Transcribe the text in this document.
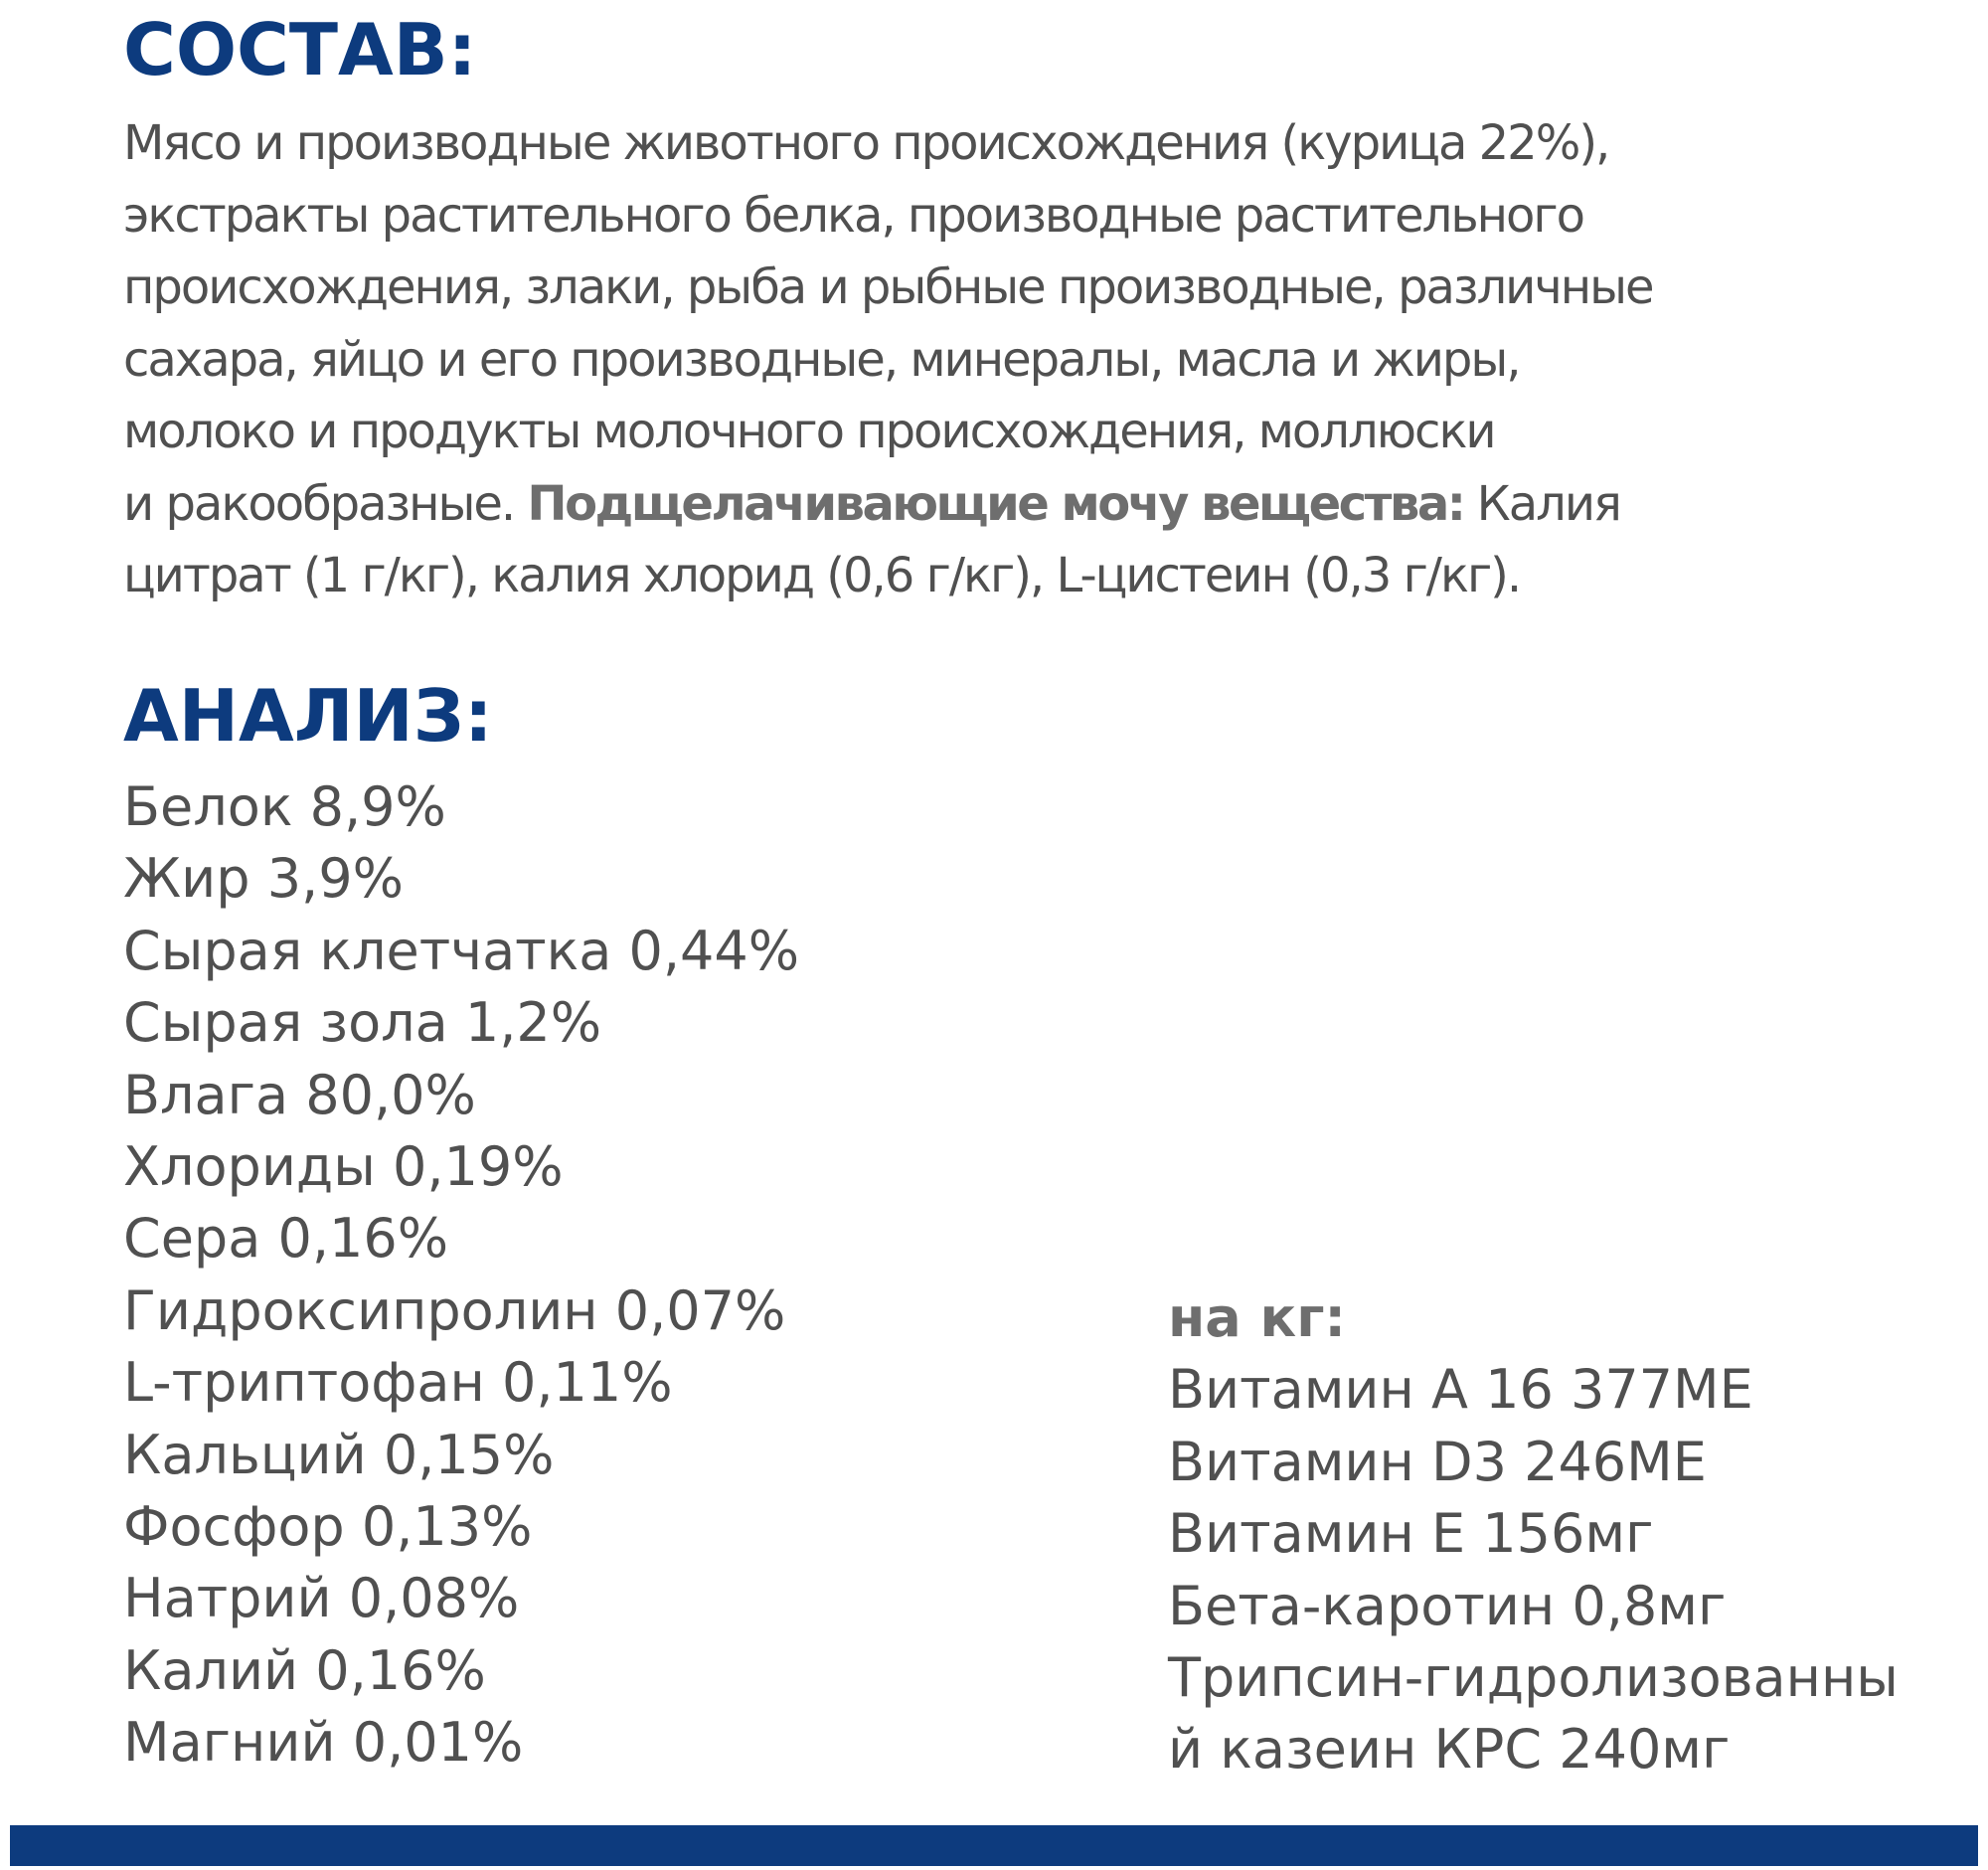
СОСТАВ:
Мясо и производные животного происхождения (курица 22%),
экстракты растительного белка, производные растительного
происхождения, злаки, рыба и рыбные производные, различные
сахара, яйцо и его производные, минералы, масла и жиры,
молоко и продукты молочного происхождения, моллюски
и ракообразные. Подщелачивающие мочу вещества: Калия
цитрат (1 г/кг), калия хлорид (0,6 г/кг), L-цистеин (0,3 г/кг).
АНАЛИЗ:
Белок 8,9%
Жир 3,9%
Сырая клетчатка 0,44%
Сырая зола 1,2%
Влага 80,0%
Хлориды 0,19%
Сера 0,16%
Гидроксипролин 0,07%
L-триптофан 0,11%
Кальций 0,15%
Фосфор 0,13%
Натрий 0,08%
Калий 0,16%
Магний 0,01%
на кг:
Витамин А 16 377МЕ
Витамин D3 246МЕ
Витамин Е 156мг
Бета-каротин 0,8мг
Трипсин-гидролизованны
й казеин КРС 240мг
